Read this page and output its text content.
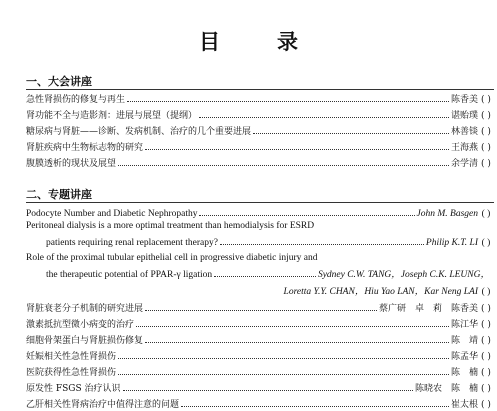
目　录
一、大会讲座
急性肾损伤的修复与再生	陈香美 ( )
肾功能不全与造影剂：进展与展望（提纲）	谌贻璞 ( )
糖尿病与肾脏——诊断、发病机制、治疗的几个重要进展	林善锬 ( )
肾脏疾病中生物标志物的研究	王海燕 ( )
腹膜透析的现状及展望	余学清 ( )
二、专题讲座
Podocyte Number and Diabetic Nephropathy	John M. Basgen ( )
Peritoneal dialysis is a more optimal treatment than hemodialysis for ESRD
patients requiring renal replacement therapy?	Philip K.T. LI ( )
Role of the proximal tubular epithelial cell in progressive diabetic injury and
the therapeutic potential of PPAR-γ ligation	Sydney C.W. TANG，Joseph C.K. LEUNG，
Loretta Y.Y. CHAN，Hiu Yao LAN，Kar Neng LAI ( )
肾脏衰老分子机制的研究进展	蔡广研　卓　莉　陈香美 ( )
激素抵抗型微小病变的治疗	陈江华 ( )
细胞骨架蛋白与肾脏损伤修复	陈　靖 ( )
妊娠相关性急性肾损伤	陈孟华 ( )
医院获得性急性肾损伤	陈　楠 ( )
原发性 FSGS 治疗认识	陈晓农　陈　楠 ( )
乙肝相关性肾病治疗中值得注意的问题	崔太根 ( )
